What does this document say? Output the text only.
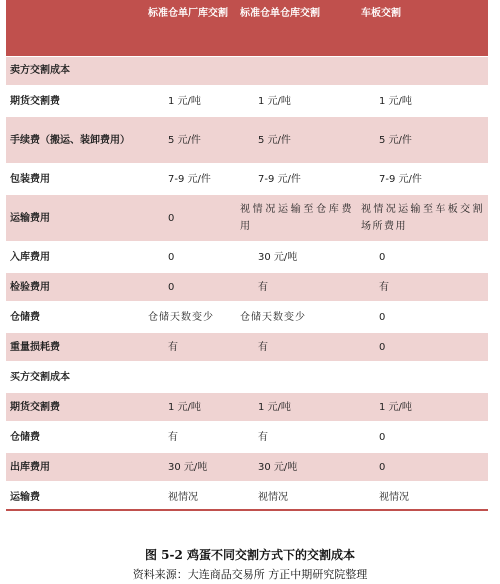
	标准仓单厂库交割	标准仓单仓库交割	车板交割
卖方交割成本			
期货交割费	1 元/吨	1 元/吨	1 元/吨
手续费（搬运、装卸费用）	5 元/件	5 元/件	5 元/件
包装费用	7-9 元/件	7-9 元/件	7-9 元/件
运输费用	0	视情况运输至仓库费用	视情况运输至车板交割场所费用
入库费用	0	30 元/吨	0
检验费用	0	有	有
仓储费	仓储天数变少	仓储天数变少	0
重量损耗费	有	有	0
买方交割成本			
期货交割费	1 元/吨	1 元/吨	1 元/吨
仓储费	有	有	0
出库费用	30 元/吨	30 元/吨	0
运输费	视情况	视情况	视情况
图 5-2 鸡蛋不同交割方式下的交割成本
资料来源：大连商品交易所 方正中期研究院整理
